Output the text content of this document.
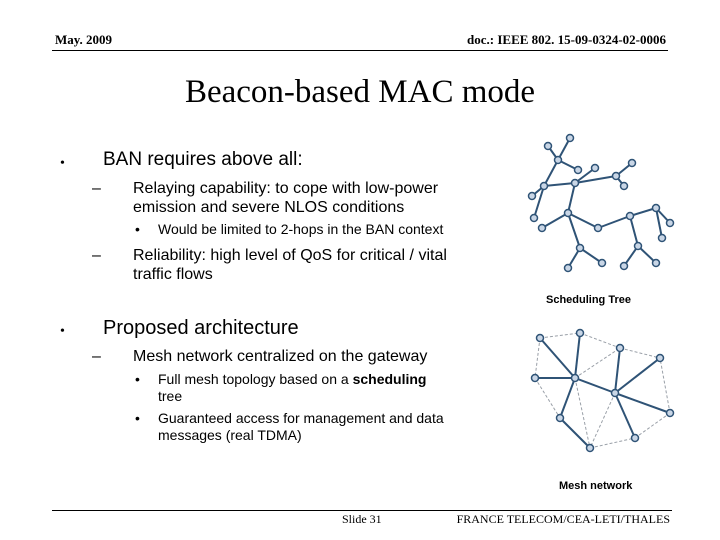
May. 2009	doc.: IEEE 802. 15-09-0324-02-0006
Beacon-based MAC mode
• BAN requires above all:
– Relaying capability: to cope with low-power
emission and severe NLOS conditions
• Would be limited to 2-hops in the BAN context
– Reliability: high level of QoS for critical / vital
traffic flows
• Proposed architecture
– Mesh network centralized on the gateway
• Full mesh topology based on a scheduling
tree
• Guaranteed access for management and data
messages (real TDMA)
Scheduling Tree
Mesh network
Slide 31	FRANCE TELECOM/CEA-LETI/THALES
